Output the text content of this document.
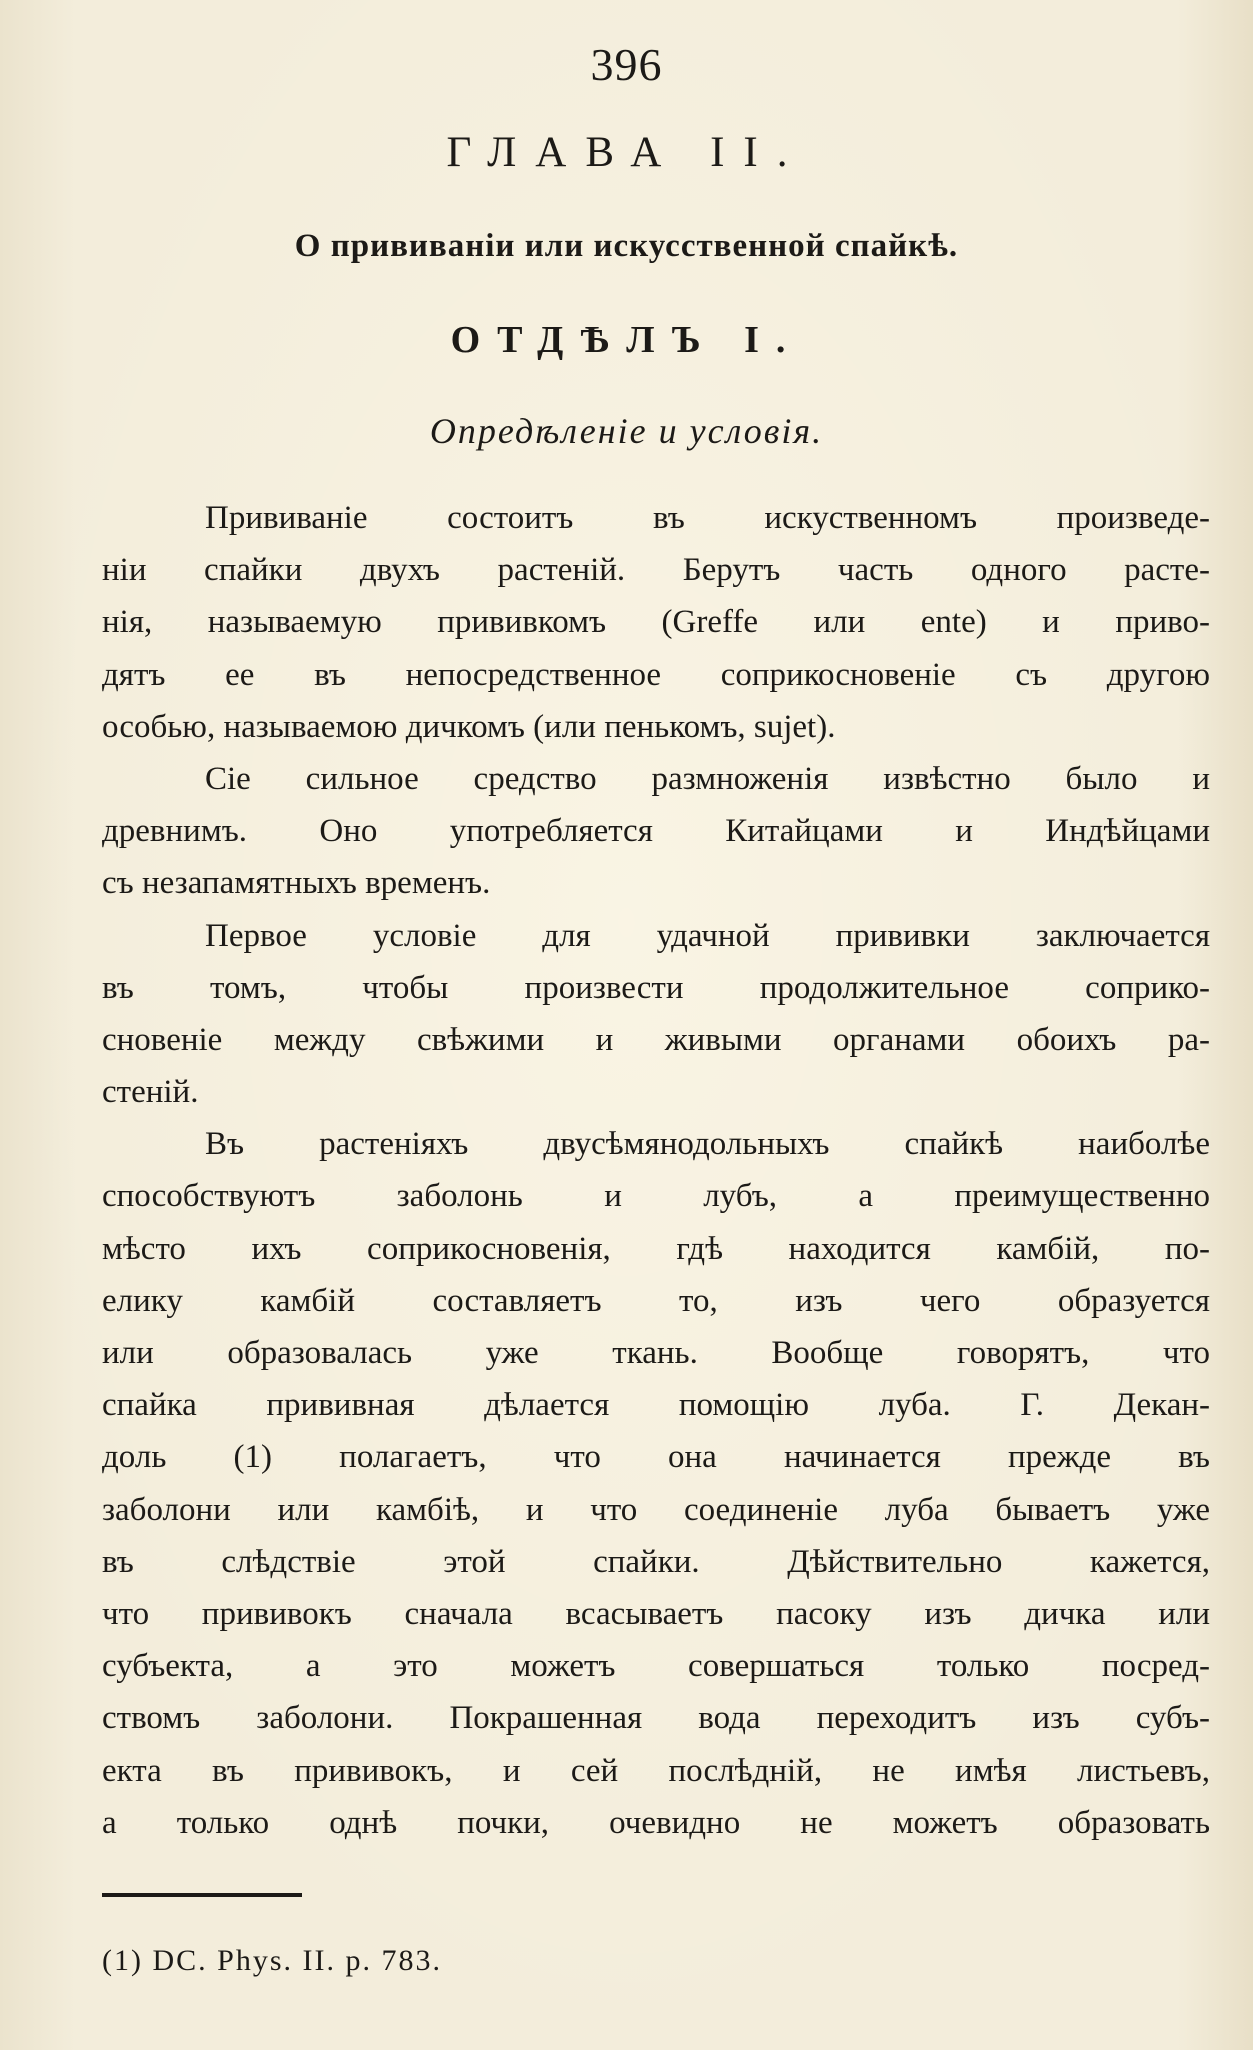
396
ГЛАВА II.
О прививаніи или искусственной спайкѣ.
ОТДѢЛЪ I.
Опредѣленіе и условія.
Прививаніе состоитъ въ искуственномъ произведе-
ніи спайки двухъ растеній. Берутъ часть одного расте-
нія, называемую прививкомъ (Greffe или ente) и приво-
дятъ ее въ непосредственное соприкосновеніе съ другою
особью, называемою дичкомъ (или пенькомъ, sujet).
Сіе сильное средство размноженія извѣстно было и
древнимъ. Оно употребляется Китайцами и Индѣйцами
съ незапамятныхъ временъ.
Первое условіе для удачной прививки заключается
въ томъ, чтобы произвести продолжительное соприко-
сновеніе между свѣжими и живыми органами обоихъ ра-
стеній.
Въ растеніяхъ двусѣмянодольныхъ спайкѣ наиболѣе
способствуютъ заболонь и лубъ, а преимущественно
мѣсто ихъ соприкосновенія, гдѣ находится камбій, по-
елику камбій составляетъ то, изъ чего образуется
или образовалась уже ткань. Вообще говорятъ, что
спайка прививная дѣлается помощію луба. Г. Декан-
доль (1) полагаетъ, что она начинается прежде въ
заболони или камбіѣ, и что соединеніе луба бываетъ уже
въ слѣдствіе этой спайки. Дѣйствительно кажется,
что прививокъ сначала всасываетъ пасоку изъ дичка или
субъекта, а это можетъ совершаться только посред-
ствомъ заболони. Покрашенная вода переходитъ изъ субъ-
екта въ прививокъ, и сей послѣдній, не имѣя листьевъ,
а только однѣ почки, очевидно не можетъ образовать
(1) DC. Phys. II. p. 783.
